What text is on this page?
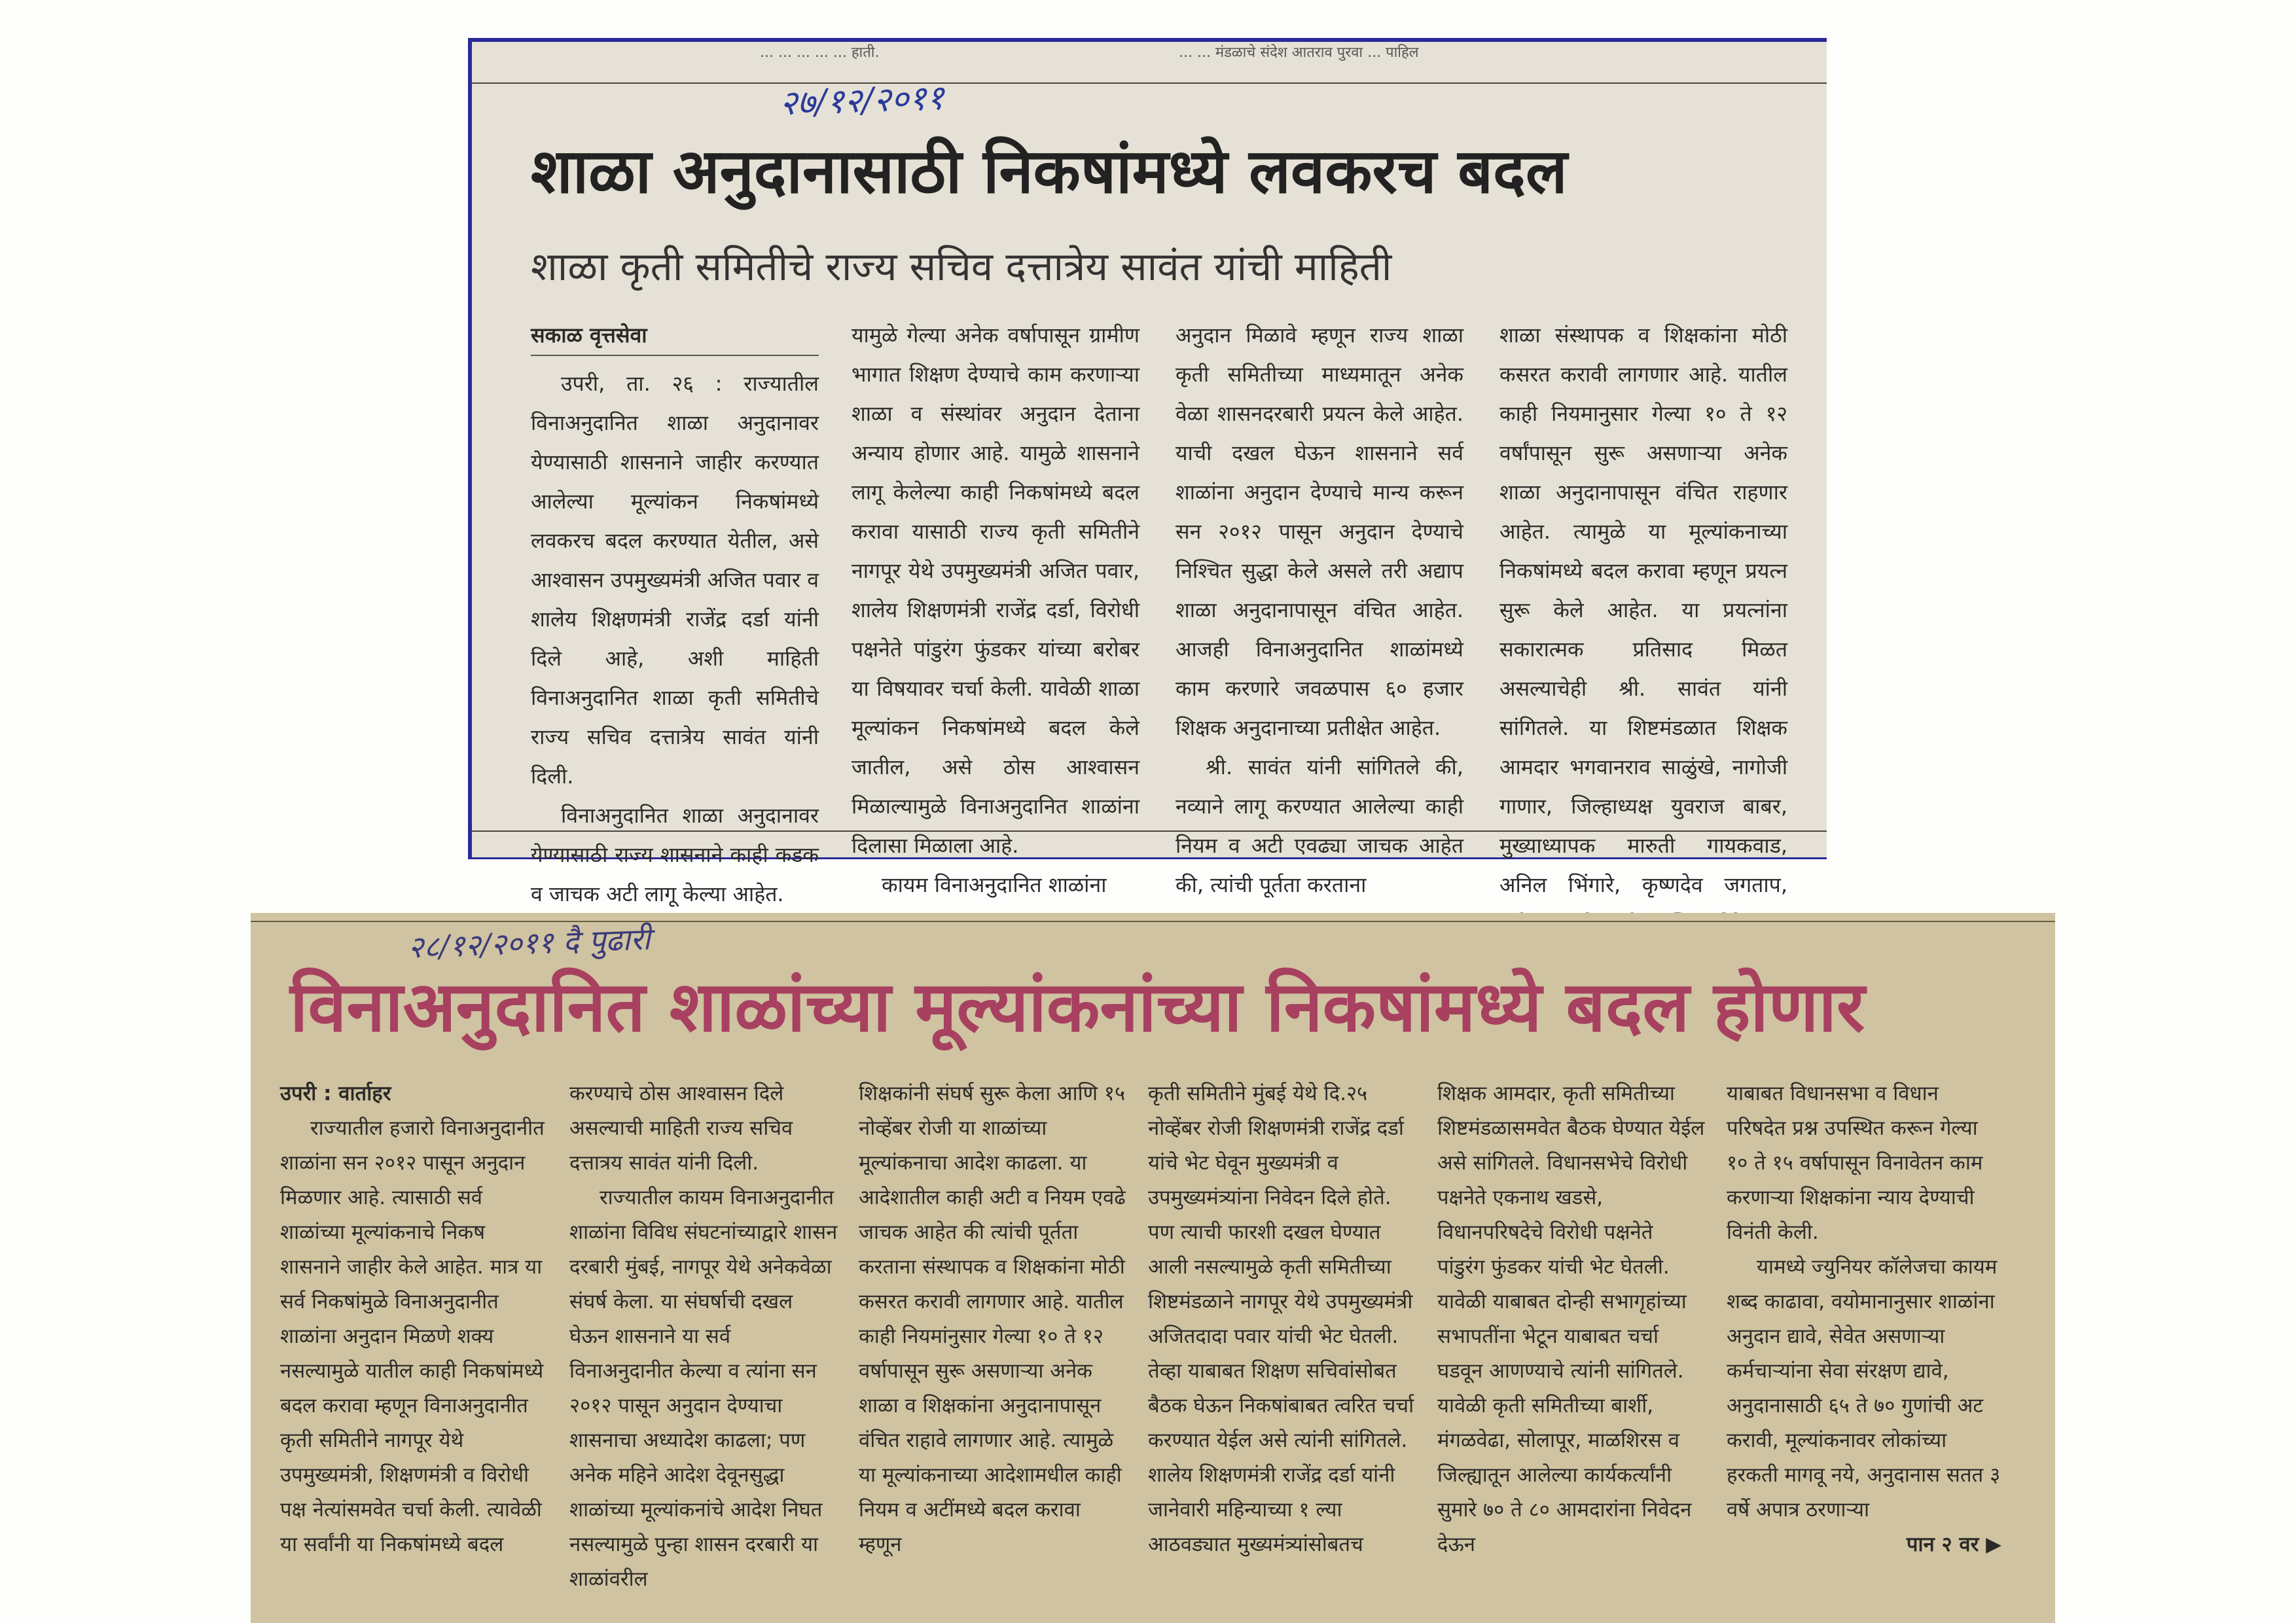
... ... ... ... ... हाती.	... ... मंडळाचे संदेश आतराव पुरवा ... पाहिल
२७/१२/२०११
शाळा अनुदानासाठी निकषांमध्ये लवकरच बदल
शाळा कृती समितीचे राज्य सचिव दत्तात्रेय सावंत यांची माहिती

सकाळ वृत्तसेवा

उपरी, ता. २६ : राज्यातील विनाअनुदानित शाळा अनुदानावर येण्यासाठी शासनाने जाहीर करण्यात आलेल्या मूल्यांकन निकषांमध्ये लवकरच बदल करण्यात येतील, असे आश्वासन उपमुख्यमंत्री अजित पवार व शालेय शिक्षणमंत्री राजेंद्र दर्डा यांनी दिले आहे, अशी माहिती विनाअनुदानित शाळा कृती समितीचे राज्य सचिव दत्तात्रेय सावंत यांनी दिली.

विनाअनुदानित शाळा अनुदानावर येण्यासाठी राज्य शासनाने काही कडक व जाचक अटी लागू केल्या आहेत.

यामुळे गेल्या अनेक वर्षापासून ग्रामीण भागात शिक्षण देण्याचे काम करणाऱ्या शाळा व संस्थांवर अनुदान देताना अन्याय होणार आहे. यामुळे शासनाने लागू केलेल्या काही निकषांमध्ये बदल करावा यासाठी राज्य कृती समितीने नागपूर येथे उपमुख्यमंत्री अजित पवार, शालेय शिक्षणमंत्री राजेंद्र दर्डा, विरोधी पक्षनेते पांडुरंग फुंडकर यांच्या बरोबर या विषयावर चर्चा केली. यावेळी शाळा मूल्यांकन निकषांमध्ये बदल केले जातील, असे ठोस आश्वासन मिळाल्यामुळे विनाअनुदानित शाळांना दिलासा मिळाला आहे.

कायम विनाअनुदानित शाळांना

अनुदान मिळावे म्हणून राज्य शाळा कृती समितीच्या माध्यमातून अनेक वेळा शासनदरबारी प्रयत्न केले आहेत. याची दखल घेऊन शासनाने सर्व शाळांना अनुदान देण्याचे मान्य करून सन २०१२ पासून अनुदान देण्याचे निश्चित सुद्धा केले असले तरी अद्याप शाळा अनुदानापासून वंचित आहेत. आजही विनाअनुदानित शाळांमध्ये काम करणारे जवळपास ६० हजार शिक्षक अनुदानाच्या प्रतीक्षेत आहेत.

श्री. सावंत यांनी सांगितले की, नव्याने लागू करण्यात आलेल्या काही नियम व अटी एवढ्या जाचक आहेत की, त्यांची पूर्तता करताना

शाळा संस्थापक व शिक्षकांना मोठी कसरत करावी लागणार आहे. यातील काही नियमानुसार गेल्या १० ते १२ वर्षांपासून सुरू असणाऱ्या अनेक शाळा अनुदानापासून वंचित राहणार आहेत. त्यामुळे या मूल्यांकनाच्या निकषांमध्ये बदल करावा म्हणून प्रयत्न सुरू केले आहेत. या प्रयत्नांना सकारात्मक प्रतिसाद मिळत असल्याचेही श्री. सावंत यांनी सांगितले. या शिष्टमंडळात शिक्षक आमदार भगवानराव साळुंखे, नागोजी गाणार, जिल्हाध्यक्ष युवराज बाबर, मुख्याध्यापक मारुती गायकवाड, अनिल भिंगारे, कृष्णदेव जगताप,

२८/१२/२०११ दै पुढारी
विनाअनुदानित शाळांच्या मूल्यांकनांच्या निकषांमध्ये बदल होणार

उपरी : वार्ताहर

राज्यातील हजारो विनाअनुदानीत शाळांना सन २०१२ पासून अनुदान मिळणार आहे. त्यासाठी सर्व शाळांच्या मूल्यांकनाचे निकष शासनाने जाहीर केले आहेत. मात्र या सर्व निकषांमुळे विनाअनुदानीत शाळांना अनुदान मिळणे शक्य नसल्यामुळे यातील काही निकषांमध्ये बदल करावा म्हणून विनाअनुदानीत कृती समितीने नागपूर येथे उपमुख्यमंत्री, शिक्षणमंत्री व विरोधी पक्ष नेत्यांसमवेत चर्चा केली. त्यावेळी या सर्वांनी या निकषांमध्ये बदल

करण्याचे ठोस आश्वासन दिले असल्याची माहिती राज्य सचिव दत्तात्रय सावंत यांनी दिली.

राज्यातील कायम विनाअनुदानीत शाळांना विविध संघटनांच्याद्वारे शासन दरबारी मुंबई, नागपूर येथे अनेकवेळा संघर्ष केला. या संघर्षाची दखल घेऊन शासनाने या सर्व विनाअनुदानीत केल्या व त्यांना सन २०१२ पासून अनुदान देण्याचा शासनाचा अध्यादेश काढला; पण अनेक महिने आदेश देवूनसुद्धा शाळांच्या मूल्यांकनांचे आदेश निघत नसल्यामुळे पुन्हा शासन दरबारी या शाळांवरील

शिक्षकांनी संघर्ष सुरू केला आणि १५ नोव्हेंबर रोजी या शाळांच्या मूल्यांकनाचा आदेश काढला. या आदेशातील काही अटी व नियम एवढे जाचक आहेत की त्यांची पूर्तता करताना संस्थापक व शिक्षकांना मोठी कसरत करावी लागणार आहे. यातील काही नियमांनुसार गेल्या १० ते १२ वर्षापासून सुरू असणाऱ्या अनेक शाळा व शिक्षकांना अनुदानापासून वंचित राहावे लागणार आहे. त्यामुळे या मूल्यांकनाच्या आदेशामधील काही नियम व अटींमध्ये बदल करावा म्हणून

कृती समितीने मुंबई येथे दि.२५ नोव्हेंबर रोजी शिक्षणमंत्री राजेंद्र दर्डा यांचे भेट घेवून मुख्यमंत्री व उपमुख्यमंत्र्यांना निवेदन दिले होते. पण त्याची फारशी दखल घेण्यात आली नसल्यामुळे कृती समितीच्या शिष्टमंडळाने नागपूर येथे उपमुख्यमंत्री अजितदादा पवार यांची भेट घेतली. तेव्हा याबाबत शिक्षण सचिवांसोबत बैठक घेऊन निकषांबाबत त्वरित चर्चा करण्यात येईल असे त्यांनी सांगितले. शालेय शिक्षणमंत्री राजेंद्र दर्डा यांनी जानेवारी महिन्याच्या १ ल्या आठवड्यात मुख्यमंत्र्यांसोबतच

शिक्षक आमदार, कृती समितीच्या शिष्टमंडळासमवेत बैठक घेण्यात येईल असे सांगितले. विधानसभेचे विरोधी पक्षनेते एकनाथ खडसे, विधानपरिषदेचे विरोधी पक्षनेते पांडुरंग फुंडकर यांची भेट घेतली. यावेळी याबाबत दोन्ही सभागृहांच्या सभापतींना भेटून याबाबत चर्चा घडवून आणण्याचे त्यांनी सांगितले. यावेळी कृती समितीच्या बार्शी, मंगळवेढा, सोलापूर, माळशिरस व जिल्ह्यातून आलेल्या कार्यकर्त्यांनी सुमारे ७० ते ८० आमदारांना निवेदन देऊन

याबाबत विधानसभा व विधान परिषदेत प्रश्न उपस्थित करून गेल्या १० ते १५ वर्षापासून विनावेतन काम करणाऱ्या शिक्षकांना न्याय देण्याची विनंती केली.

यामध्ये ज्युनियर कॉलेजचा कायम शब्द काढावा, वयोमानानुसार शाळांना अनुदान द्यावे, सेवेत असणाऱ्या कर्मचाऱ्यांना सेवा संरक्षण द्यावे, अनुदानासाठी ६५ ते ७० गुणांची अट करावी, मूल्यांकनावर लोकांच्या हरकती मागवू नये, अनुदानास सतत ३ वर्षे अपात्र ठरणाऱ्या

पान २ वर ▶
